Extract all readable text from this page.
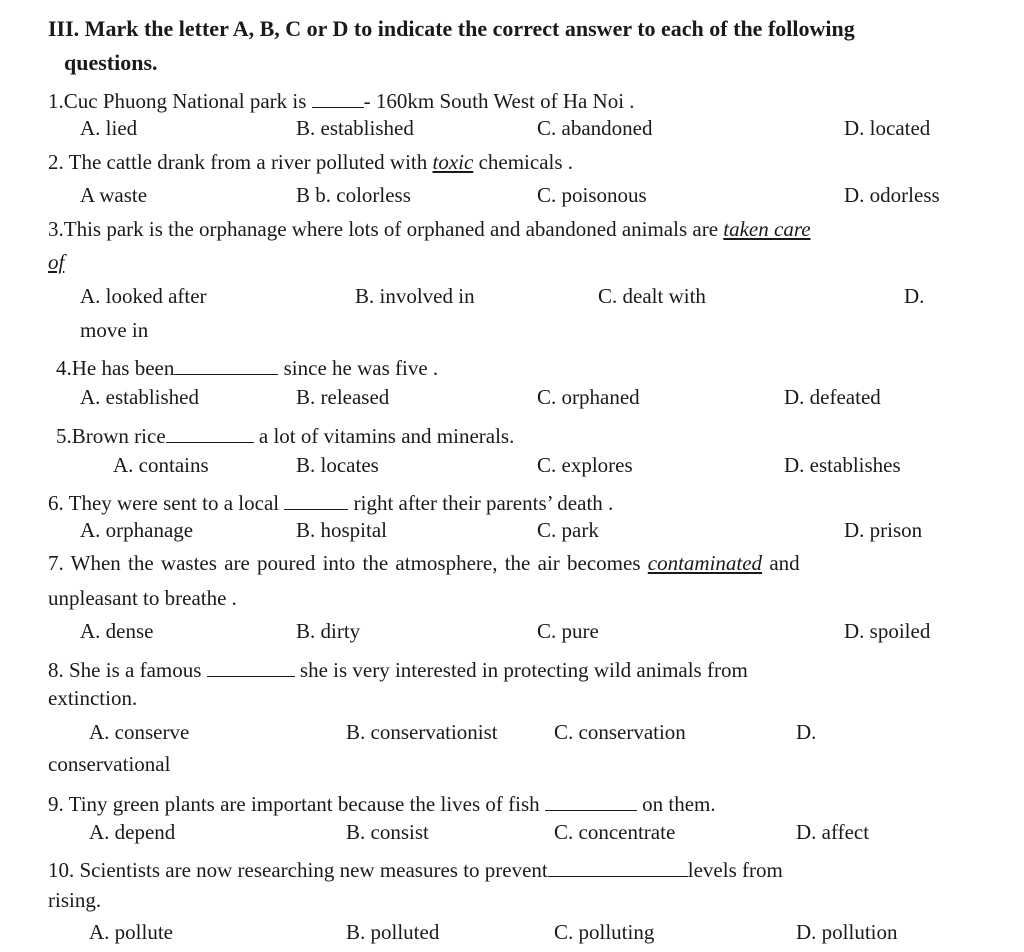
III. Mark the letter A, B, C or D to indicate the correct answer to each of the following
questions.
1.Cuc Phuong National park is - 160km South West of Ha Noi .
A. lied	B. established	C. abandoned	D. located
2. The cattle drank from a river polluted with toxic chemicals .
A waste	B b. colorless	C. poisonous	D. odorless
3.This park is the orphanage where lots of orphaned and abandoned animals are taken care
of
A. looked after	B. involved in	C. dealt with	D.
move in
4.He has been	since he was five .
A. established	B. released	C. orphaned	D. defeated
5.Brown rice	a lot of vitamins and minerals.
A. contains	B. locates	C. explores	D. establishes
6. They were sent to a local	right after their parents’ death .
A. orphanage	B. hospital	C. park	D. prison
7. When the wastes are poured into the atmosphere, the air becomes contaminated and
unpleasant to breathe .
A. dense	B. dirty	C. pure	D. spoiled
8. She is a famous	she is very interested in protecting wild animals from
extinction.
A. conserve	B. conservationist	C. conservation	D.
conservational
9. Tiny green plants are important because the lives of fish	on them.
A. depend	B. consist	C. concentrate	D. affect
10. Scientists are now researching new measures to prevent	levels from
rising.
A. pollute	B. polluted	C. polluting	D. pollution
